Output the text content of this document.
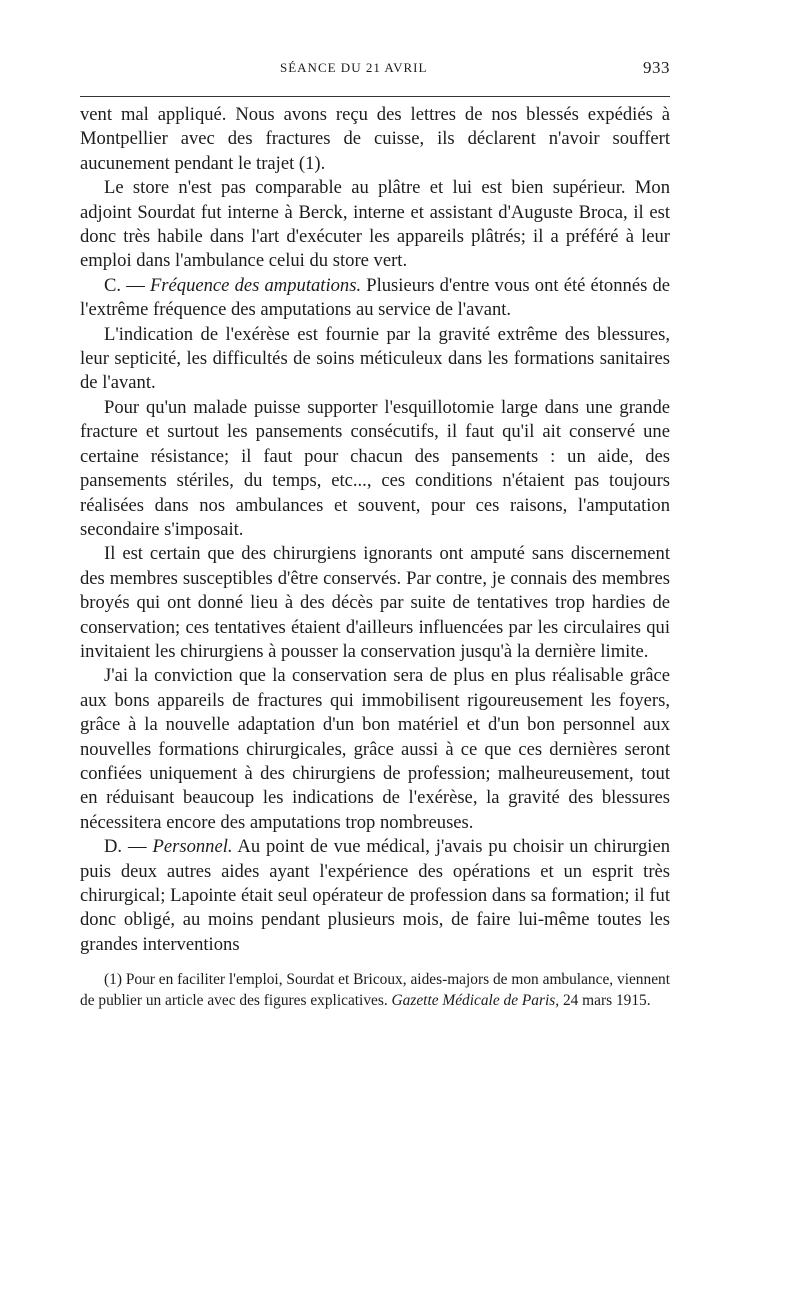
SÉANCE DU 21 AVRIL	933

vent mal appliqué. Nous avons reçu des lettres de nos blessés expédiés à Montpellier avec des fractures de cuisse, ils déclarent n'avoir souffert aucunement pendant le trajet (1).

Le store n'est pas comparable au plâtre et lui est bien supérieur. Mon adjoint Sourdat fut interne à Berck, interne et assistant d'Auguste Broca, il est donc très habile dans l'art d'exécuter les appareils plâtrés; il a préféré à leur emploi dans l'ambulance celui du store vert.

C. — Fréquence des amputations. Plusieurs d'entre vous ont été étonnés de l'extrême fréquence des amputations au service de l'avant.

L'indication de l'exérèse est fournie par la gravité extrême des blessures, leur septicité, les difficultés de soins méticuleux dans les formations sanitaires de l'avant.

Pour qu'un malade puisse supporter l'esquillotomie large dans une grande fracture et surtout les pansements consécutifs, il faut qu'il ait conservé une certaine résistance; il faut pour chacun des pansements : un aide, des pansements stériles, du temps, etc..., ces conditions n'étaient pas toujours réalisées dans nos ambulances et souvent, pour ces raisons, l'amputation secondaire s'imposait.

Il est certain que des chirurgiens ignorants ont amputé sans discernement des membres susceptibles d'être conservés. Par contre, je connais des membres broyés qui ont donné lieu à des décès par suite de tentatives trop hardies de conservation; ces tentatives étaient d'ailleurs influencées par les circulaires qui invitaient les chirurgiens à pousser la conservation jusqu'à la dernière limite.

J'ai la conviction que la conservation sera de plus en plus réalisable grâce aux bons appareils de fractures qui immobilisent rigoureusement les foyers, grâce à la nouvelle adaptation d'un bon matériel et d'un bon personnel aux nouvelles formations chirurgicales, grâce aussi à ce que ces dernières seront confiées uniquement à des chirurgiens de profession; malheureusement, tout en réduisant beaucoup les indications de l'exérèse, la gravité des blessures nécessitera encore des amputations trop nombreuses.

D. — Personnel. Au point de vue médical, j'avais pu choisir un chirurgien puis deux autres aides ayant l'expérience des opérations et un esprit très chirurgical; Lapointe était seul opérateur de profession dans sa formation; il fut donc obligé, au moins pendant plusieurs mois, de faire lui-même toutes les grandes interventions

(1) Pour en faciliter l'emploi, Sourdat et Bricoux, aides-majors de mon ambulance, viennent de publier un article avec des figures explicatives. Gazette Médicale de Paris, 24 mars 1915.
